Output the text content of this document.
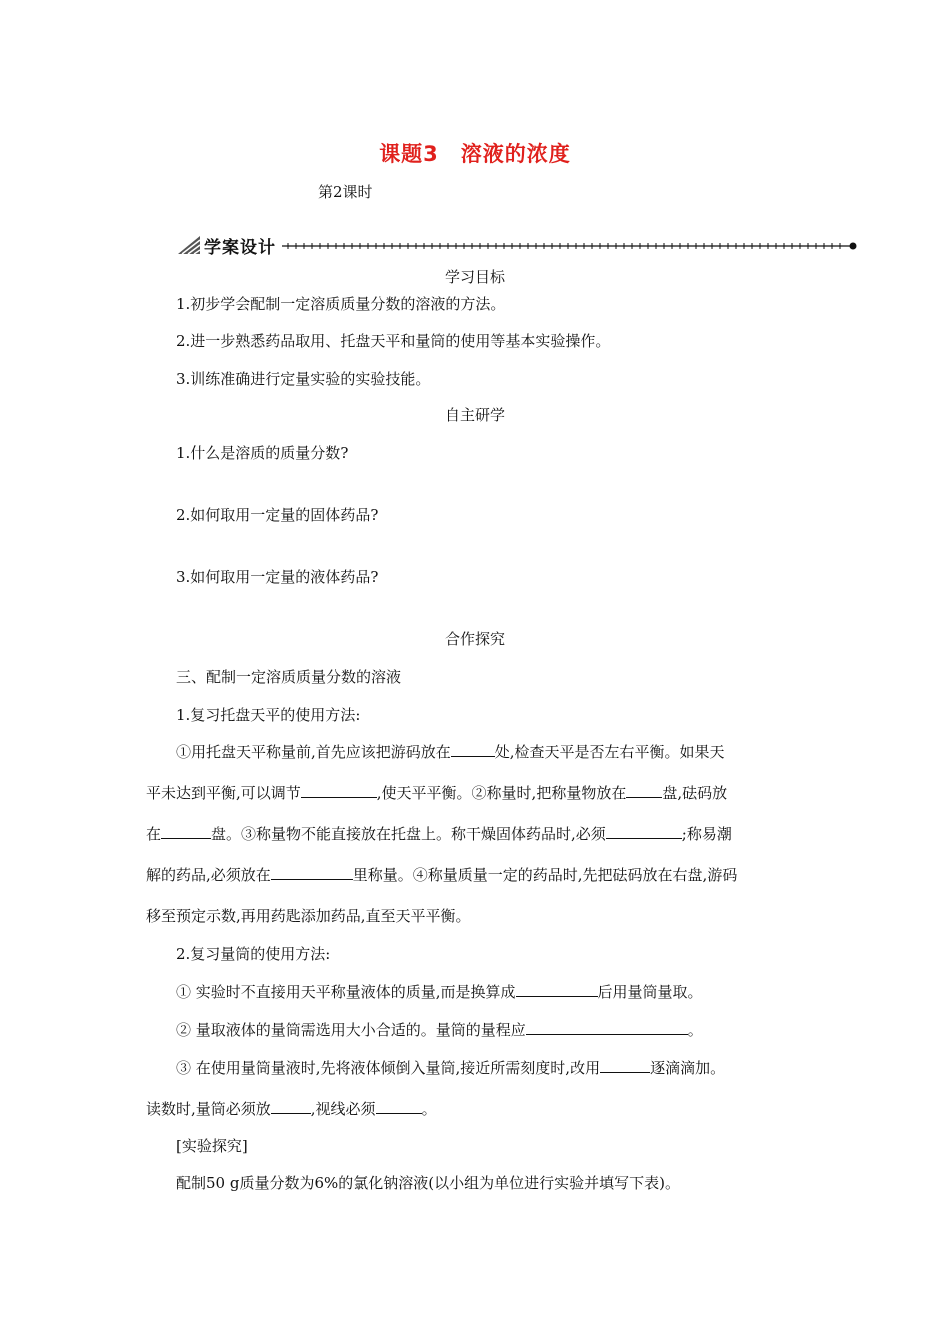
课题3　溶液的浓度
第2课时
学案设计
学习目标
1.初步学会配制一定溶质质量分数的溶液的方法。
2.进一步熟悉药品取用、托盘天平和量筒的使用等基本实验操作。
3.训练准确进行定量实验的实验技能。
自主研学
1.什么是溶质的质量分数?
2.如何取用一定量的固体药品?
3.如何取用一定量的液体药品?
合作探究
三、配制一定溶质质量分数的溶液
1.复习托盘天平的使用方法:
①用托盘天平称量前,首先应该把游码放在	处,检查天平是否左右平衡。如果天
平未达到平衡,可以调节	,使天平平衡。②称量时,把称量物放在 盘,砝码放
在	盘。③称量物不能直接放在托盘上。称干燥固体药品时,必须	;称易潮
解的药品,必须放在	里称量。④称量质量一定的药品时,先把砝码放在右盘,游码
移至预定示数,再用药匙添加药品,直至天平平衡。
2.复习量筒的使用方法:
① 实验时不直接用天平称量液体的质量,而是换算成	后用量筒量取。
② 量取液体的量筒需选用大小合适的。量筒的量程应	。
③ 在使用量筒量液时,先将液体倾倒入量筒,接近所需刻度时,改用	逐滴滴加。
读数时,量筒必须放	,视线必须	。
[实验探究]
配制50 g质量分数为6%的氯化钠溶液(以小组为单位进行实验并填写下表)。
